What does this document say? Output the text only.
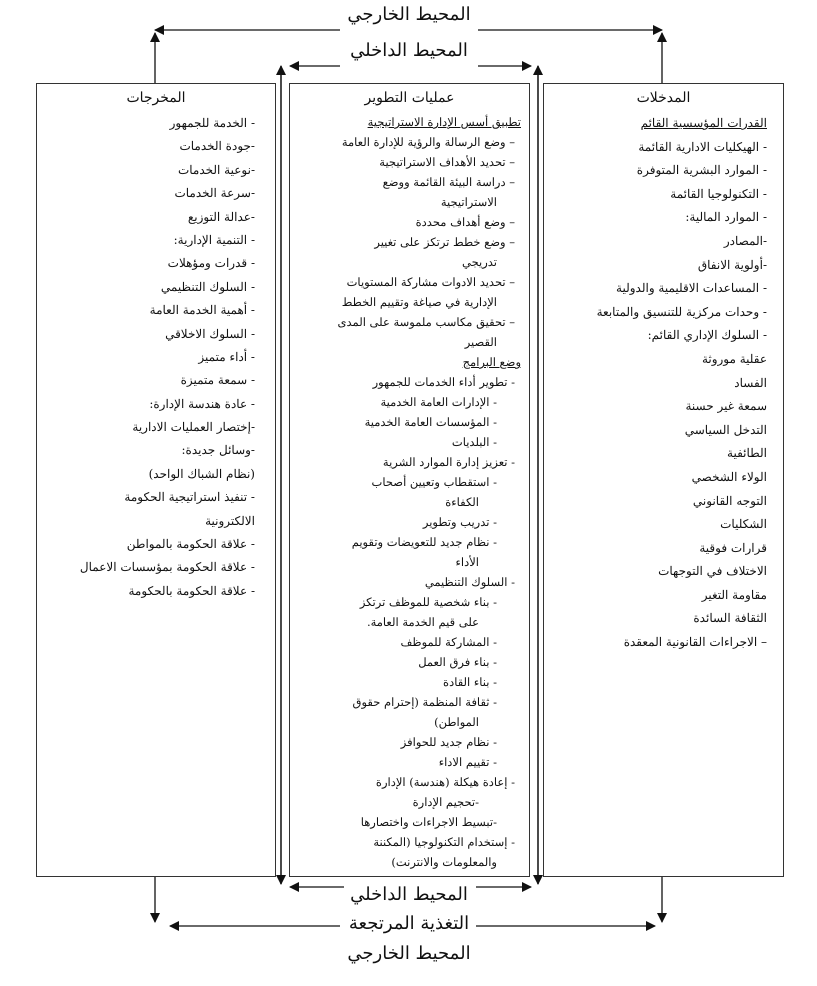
المحيط الخارجي
المحيط الداخلي
المحيط الداخلي
التغذية المرتجعة
المحيط الخارجي
المخرجات
- الخدمة للجمهور
-جودة الخدمات
-نوعية الخدمات
-سرعة الخدمات
-عدالة التوزيع
- التنمية الإدارية:
- قدرات ومؤهلات
- السلوك التنظيمي
- أهمية الخدمة العامة
- السلوك الاخلاقي
- أداء متميز
- سمعة متميزة
- عادة هندسة الإدارة:
-إختصار العمليات الادارية
-وسائل جديدة:
(نظام الشباك الواحد)
- تنفيذ استراتيجية الحكومة
الالكترونية
- علاقة الحكومة بالمواطن
- علاقة الحكومة بمؤسسات الاعمال
- علاقة الحكومة بالحكومة
عمليات التطوير
تطبيق أسس الإدارة الاستراتيجية
– وضع الرسالة والرؤية للإدارة العامة
– تحديد الأهداف الاستراتيجية
– دراسة البيئة القائمة ووضع
الاستراتيجية
– وضع أهداف محددة
– وضع خطط ترتكز على تغيير
تدريجي
– تحديد الادوات مشاركة المستويات
الإدارية في صياغة وتقييم الخطط
– تحقيق مكاسب ملموسة على المدى
القصير
وضع البرامج
- تطوير أداء الخدمات للجمهور
- الإدارات العامة الخدمية
- المؤسسات العامة الخدمية
- البلديات
- تعزيز إدارة الموارد الشرية
- استقطاب وتعيين أصحاب
الكفاءة
- تدريب وتطوير
- نظام جديد للتعويضات وتقويم
الأداء
- السلوك التنظيمي
- بناء شخصية للموظف ترتكز
على قيم الخدمة العامة.
- المشاركة للموظف
- بناء فرق العمل
- بناء القادة
- ثقافة المنظمة (إحترام حقوق
المواطن)
- نظام جديد للحوافز
- تقييم الاداء
- إعادة هيكلة (هندسة) الإدارة
-تحجيم الإدارة
-تبسيط الاجراءات واختصارها
- إستخدام التكنولوجيا (المكننة
والمعلومات والانترنت)
المدخلات
القدرات المؤسسية القائم
- الهيكليات الادارية القائمة
- الموارد البشرية المتوفرة
- التكنولوجيا القائمة
- الموارد المالية:
-المصادر
-أولوية الانفاق
- المساعدات الاقليمية والدولية
- وحدات مركزية للتنسيق والمتابعة
- السلوك الإداري القائم:
عقلية موروثة
الفساد
سمعة غير حسنة
التدخل السياسي
الطائفية
الولاء الشخصي
التوجه القانوني
الشكليات
قرارات فوقية
الاختلاف في التوجهات
مقاومة التغير
الثقافة السائدة
– الاجراءات القانونية المعقدة
